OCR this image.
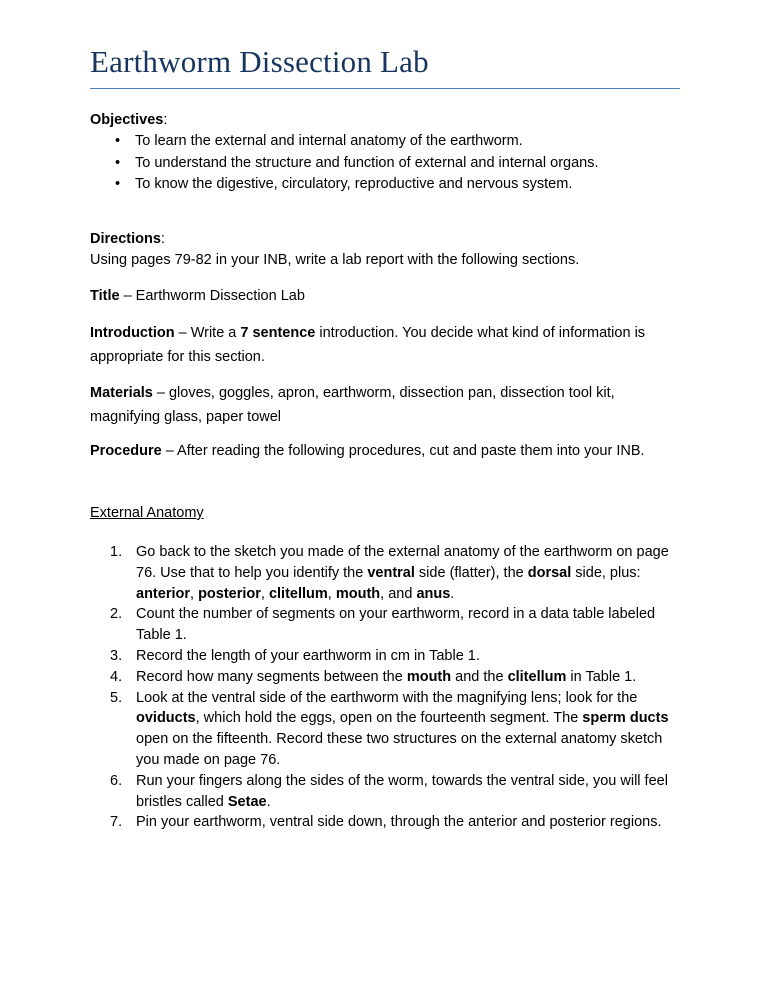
Earthworm Dissection Lab
Objectives:
• To learn the external and internal anatomy of the earthworm.
• To understand the structure and function of external and internal organs.
• To know the digestive, circulatory, reproductive and nervous system.
Directions:
Using pages 79-82 in your INB, write a lab report with the following sections.
Title – Earthworm Dissection Lab
Introduction – Write a 7 sentence introduction. You decide what kind of information is appropriate for this section.
Materials – gloves, goggles, apron, earthworm, dissection pan, dissection tool kit, magnifying glass, paper towel
Procedure – After reading the following procedures, cut and paste them into your INB.
External Anatomy
1. Go back to the sketch you made of the external anatomy of the earthworm on page 76. Use that to help you identify the ventral side (flatter), the dorsal side, plus: anterior, posterior, clitellum, mouth, and anus.
2. Count the number of segments on your earthworm, record in a data table labeled Table 1.
3. Record the length of your earthworm in cm in Table 1.
4. Record how many segments between the mouth and the clitellum in Table 1.
5. Look at the ventral side of the earthworm with the magnifying lens; look for the oviducts, which hold the eggs, open on the fourteenth segment. The sperm ducts open on the fifteenth. Record these two structures on the external anatomy sketch you made on page 76.
6. Run your fingers along the sides of the worm, towards the ventral side, you will feel bristles called Setae.
7. Pin your earthworm, ventral side down, through the anterior and posterior regions.
